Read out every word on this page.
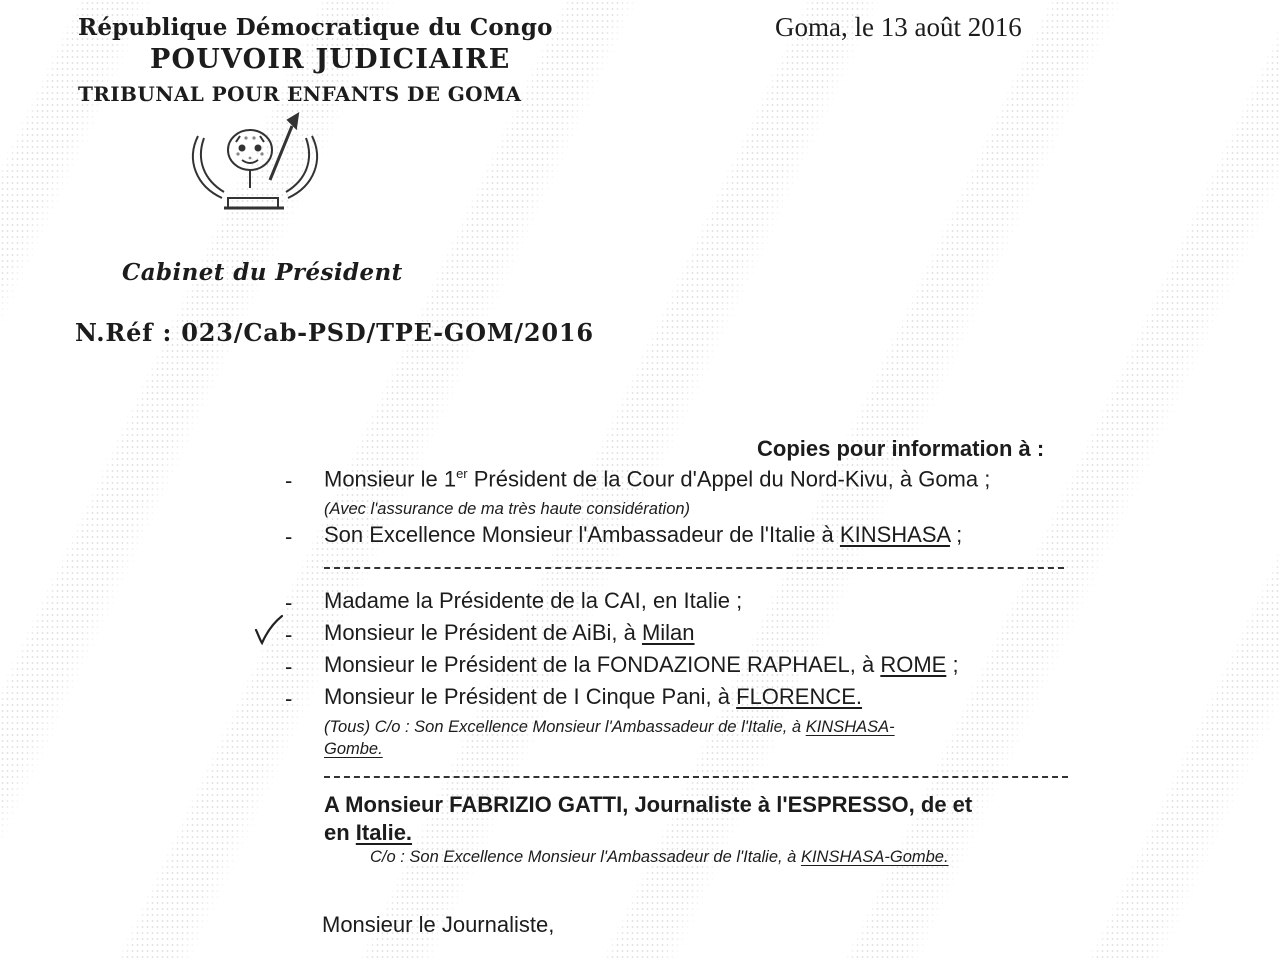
République Démocratique du Congo
POUVOIR JUDICIAIRE
TRIBUNAL POUR ENFANTS DE GOMA
Goma, le 13 août 2016
Cabinet du Président
N.Réf : 023/Cab-PSD/TPE-GOM/2016
Copies pour information à :
- Monsieur le 1er Président de la Cour d'Appel du Nord-Kivu, à Goma ;
(Avec l'assurance de ma très haute considération)
- Son Excellence Monsieur l'Ambassadeur de l'Italie à KINSHASA ;
- Madame la Présidente de la CAI, en Italie ;
- Monsieur le Président de AiBi, à Milan
- Monsieur le Président de la FONDAZIONE RAPHAEL, à ROME ;
- Monsieur le Président de I Cinque Pani, à FLORENCE.
(Tous) C/o : Son Excellence Monsieur l'Ambassadeur de l'Italie, à KINSHASA-
Gombe.
A Monsieur FABRIZIO GATTI, Journaliste à l'ESPRESSO, de et
en Italie.
C/o : Son Excellence Monsieur l'Ambassadeur de l'Italie, à KINSHASA-Gombe.
Monsieur le Journaliste,
